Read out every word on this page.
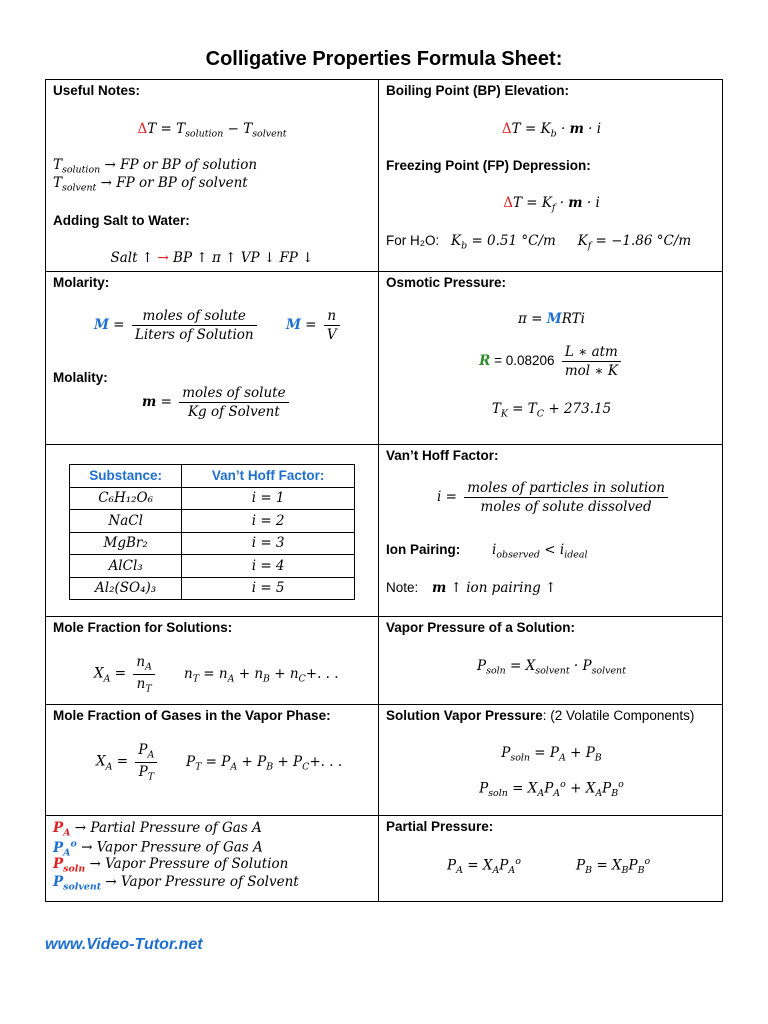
Colligative Properties Formula Sheet:
Useful Notes:
$\Delta T = T_{solution} - T_{solvent}$
$T_{solution}$ → FP or BP of solution
$T_{solvent}$ → FP or BP of solvent
Adding Salt to Water:
Salt ↑ → BP ↑ π ↑ VP ↓ FP ↓
Boiling Point (BP) Elevation:
$\Delta T = K_b \cdot m \cdot i$
Freezing Point (FP) Depression:
$\Delta T = K_f \cdot m \cdot i$
For H₂O: $K_b = 0.51$ °C/m $K_f = -1.86$ °C/m
Molarity:
$M = \frac{\text{moles of solute}}{\text{Liters of Solution}}$ $M = \frac{n}{V}$
Molality:
$m = \frac{\text{moles of solute}}{\text{Kg of Solvent}}$
Osmotic Pressure:
π = MRTi
$R = 0.08206 \frac{\text{L ∗ atm}}{\text{mol ∗ K}}$
$T_K = T_C + 273.15$
Substance:	Van’t Hoff Factor:
C₆H₁₂O₆	i = 1
NaCl	i = 2
MgBr₂	i = 3
AlCl₃	i = 4
Al₂(SO₄)₃	i = 5
Van’t Hoff Factor:
$i = \frac{\text{moles of particles in solution}}{\text{moles of solute dissolved}}$
Ion Pairing: $i_{observed} < i_{ideal}$
Note: m ↑ ion pairing ↑
Mole Fraction for Solutions:
$X_A = \frac{n_A}{n_T} n_T = n_A + n_B + n_C+$. . .
Vapor Pressure of a Solution:
$P_{soln} = X_{solvent} \cdot P_{solvent}$
Mole Fraction of Gases in the Vapor Phase:
$X_A = \frac{P_A}{P_T} P_T = P_A + P_B + P_C+$. . .
Solution Vapor Pressure: (2 Volatile Components)
$P_{soln} = P_A + P_B$
$P_{soln} = X_AP_A^o + X_AP_B^o$
$P_A$ → Partial Pressure of Gas A
$P_A^o$ → Vapor Pressure of Gas A
$P_{soln}$ → Vapor Pressure of Solution
$P_{solvent}$ → Vapor Pressure of Solvent
Partial Pressure:
$P_A = X_AP_A^o$	$P_B = X_BP_B^o$
www.Video-Tutor.net
